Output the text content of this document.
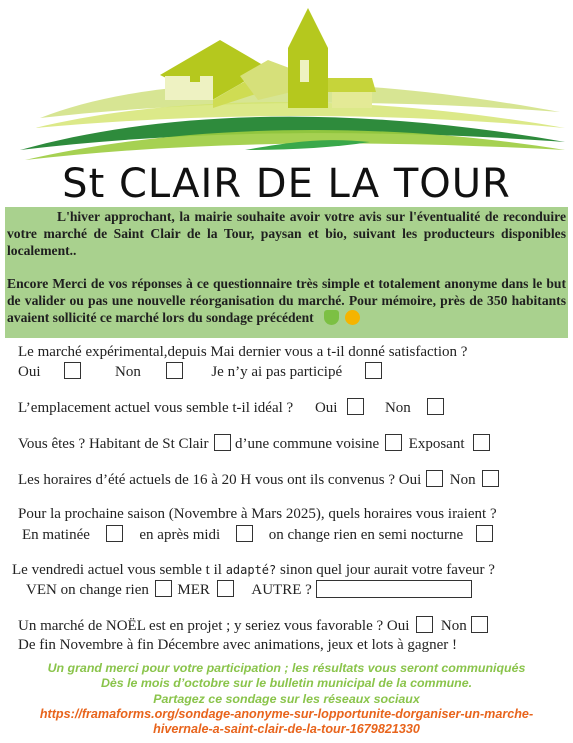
St CLAIR DE LA TOUR

L'hiver approchant, la mairie souhaite avoir votre avis sur l'éventualité de reconduire votre marché de Saint Clair de la Tour, paysan et bio, suivant les producteurs disponibles localement..

Encore Merci de vos réponses à ce questionnaire très simple et totalement anonyme dans le but de valider ou pas une nouvelle réorganisation du marché. Pour mémoire, près de 350 habitants avaient sollicité ce marché lors du sondage précédent

Le marché expérimental,depuis Mai dernier vous a t-il donné satisfaction ?
Oui	Non	Je n’y ai pas participé
L’emplacement actuel vous semble t-il idéal ? Oui	Non
Vous êtes ? Habitant de St Clair d’une commune voisine Exposant
Les horaires d’été actuels de 16 à 20 H vous ont ils convenus ? Oui Non
Pour la prochaine saison (Novembre à Mars 2025), quels horaires vous iraient ?
En matinée	en après midi	on change rien en semi nocturne
Le vendredi actuel vous semble t il adapté? sinon quel jour aurait votre faveur ?
VEN on change rien MER	AUTRE ?
Un marché de NOËL est en projet ; y seriez vous favorable ? Oui Non
De fin Novembre à fin Décembre avec animations, jeux et lots à gagner !
Un grand merci pour votre participation ; les résultats vous seront communiqués
Dès le mois d’octobre sur le bulletin municipal de la commune.
Partagez ce sondage sur les réseaux sociaux
https://framaforms.org/sondage-anonyme-sur-lopportunite-dorganiser-un-marche-
hivernale-a-saint-clair-de-la-tour-1679821330
